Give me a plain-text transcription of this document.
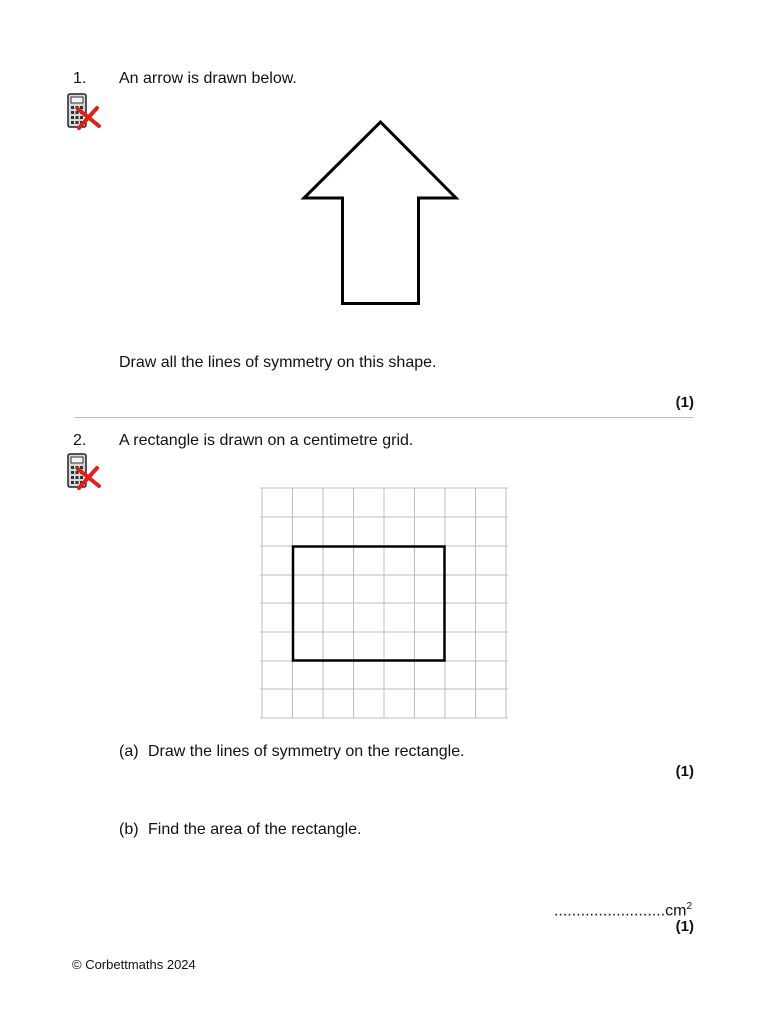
1. An arrow is drawn below.
Draw all the lines of symmetry on this shape.
(1)
2. A rectangle is drawn on a centimetre grid.
(a) Draw the lines of symmetry on the rectangle.
(1)
(b) Find the area of the rectangle.
$.........................cm^2$
(1)
© Corbettmaths 2024
